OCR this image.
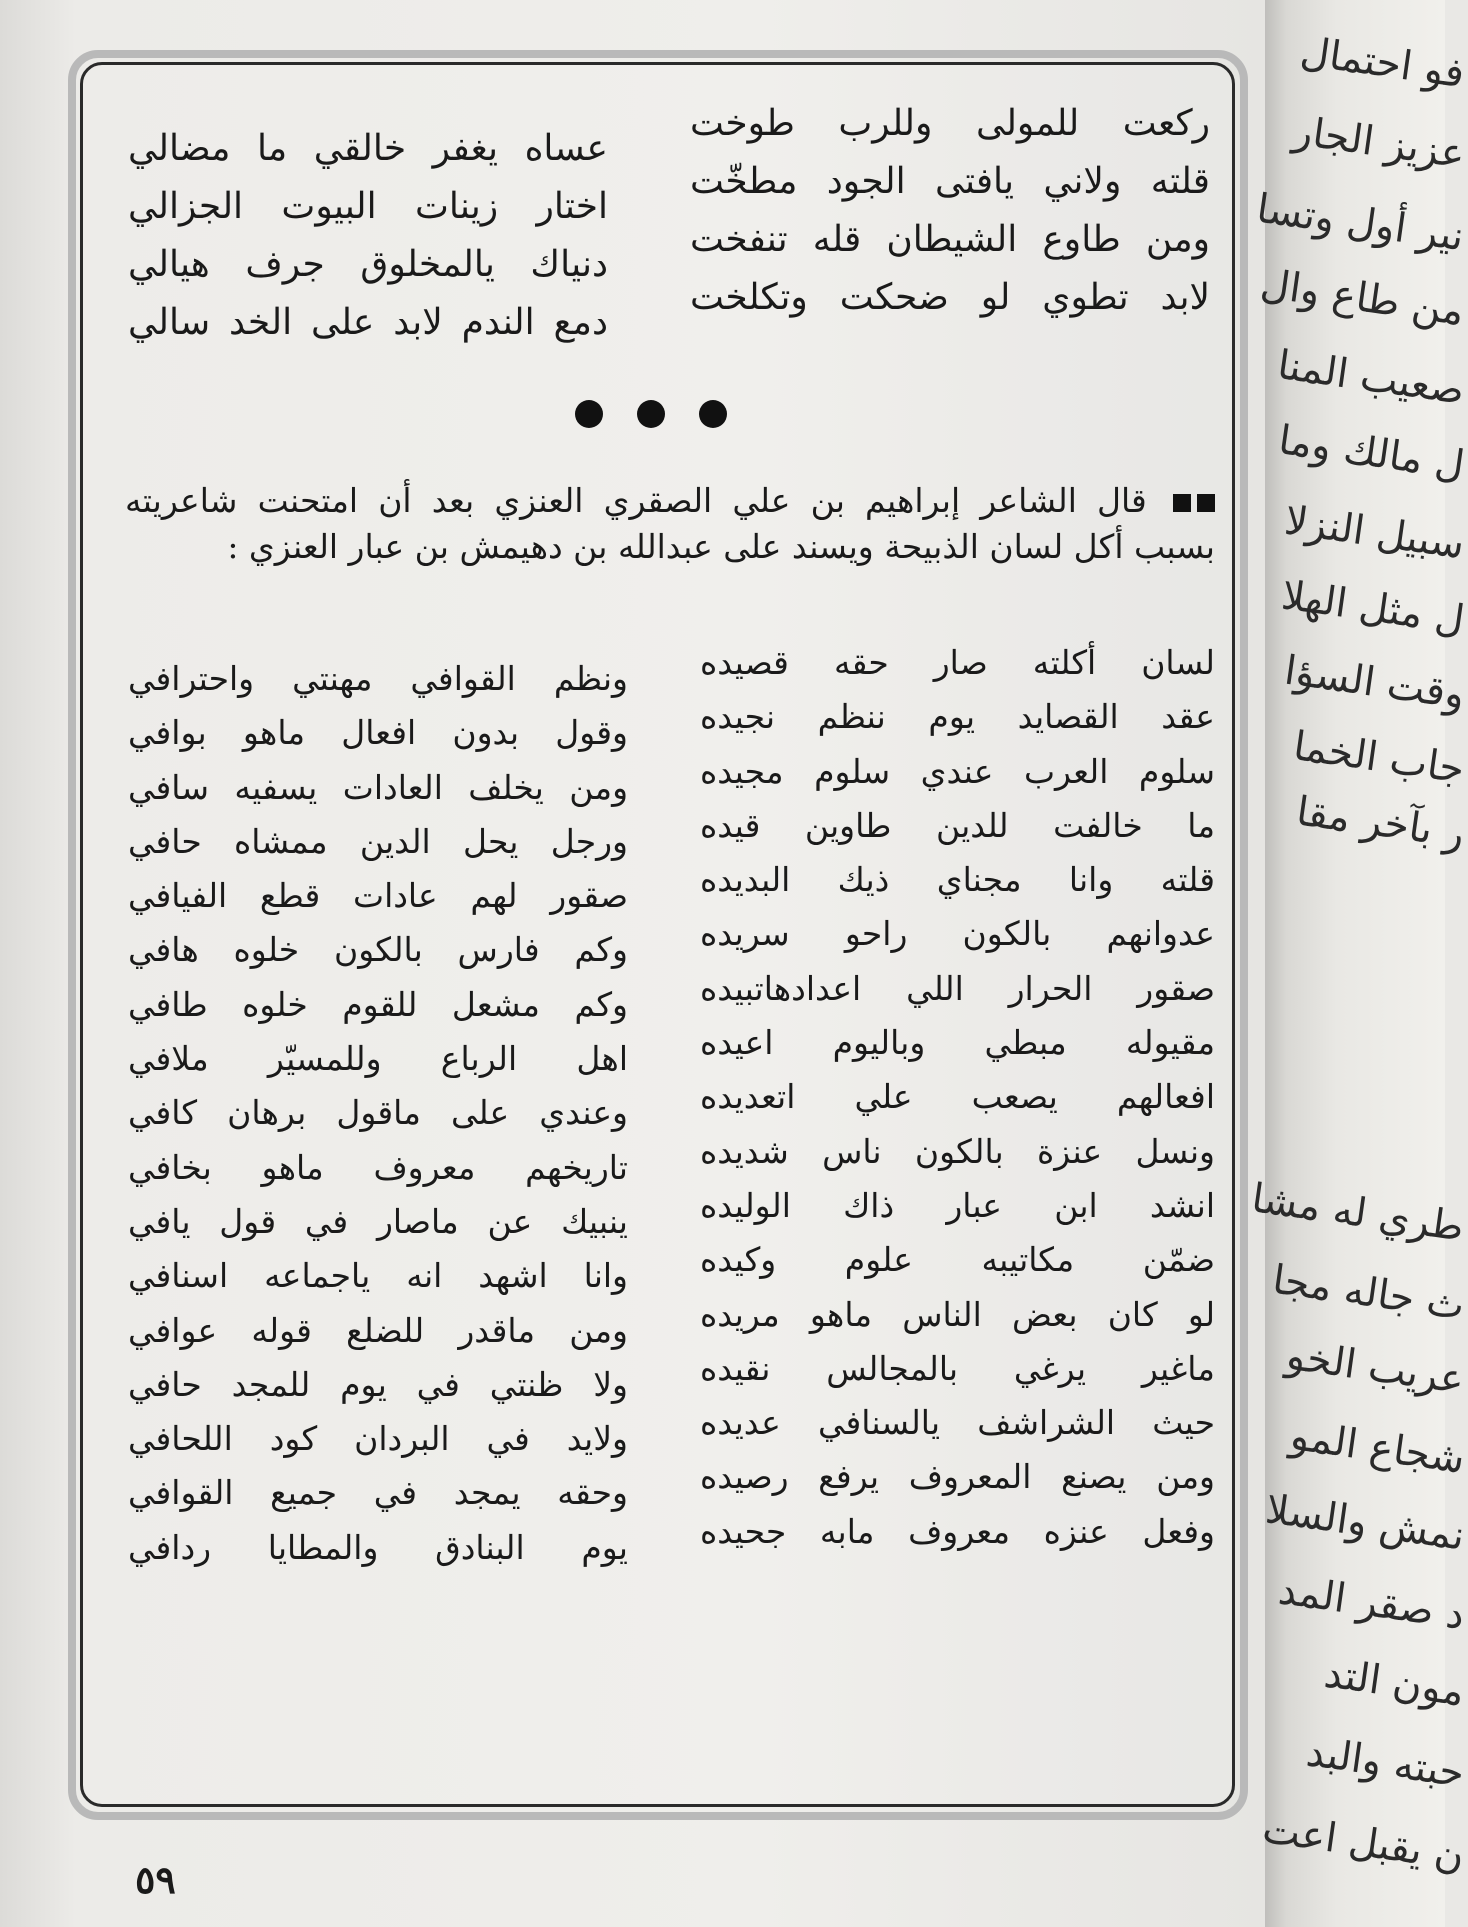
فو احتمال
عزيز الجار
نير أول وتسا
من طاع وال
صعيب المنا
ل مالك وما
سبيل النزلا
ل مثل الهلا
وقت السؤا
جاب الخما
ر بآخر مقا
طري له مشا
ث جاله مجا
عريب الخو
شجاع المو
نمش والسلا
د صقر المد
مون التد
حبته والبد
ن يقبل اعت
ركعت للمولى وللرب طوخت
قلته ولاني يافتى الجود مطخّت
ومن طاوع الشيطان قله تنفخت
لابد تطوي لو ضحكت وتكلخت
عساه يغفر خالقي ما مضالي
اختار زينات البيوت الجزالي
دنياك يالمخلوق جرف هيالي
دمع الندم لابد على الخد سالي
قال الشاعر إبراهيم بن علي الصقري العنزي بعد أن امتحنت شاعريته
بسبب أكل لسان الذبيحة ويسند على عبدالله بن دهيمش بن عبار العنزي :
لسان أكلته صار حقه قصيده
عقد القصايد يوم ننظم نجيده
سلوم العرب عندي سلوم مجيده
ما خالفت للدين طاوين قيده
قلته وانا مجناي ذيك البديده
عدوانهم بالكون راحو سريده
صقور الحرار اللي اعدادهاتبيده
مقيوله مبطي وباليوم اعيده
افعالهم يصعب علي اتعديده
ونسل عنزة بالكون ناس شديده
انشد ابن عبار ذاك الوليده
ضمّن مكاتيبه علوم وكيده
لو كان بعض الناس ماهو مريده
ماغير يرغي بالمجالس نقيده
حيث الشراشف يالسنافي عديده
ومن يصنع المعروف يرفع رصيده
وفعل عنزه معروف مابه جحيده
ونظم القوافي مهنتي واحترافي
وقول بدون افعال ماهو بوافي
ومن يخلف العادات يسفيه سافي
ورجل يحل الدين ممشاه حافي
صقور لهم عادات قطع الفيافي
وكم فارس بالكون خلوه هافي
وكم مشعل للقوم خلوه طافي
اهل الرباع وللمسيّر ملافي
وعندي على ماقول برهان كافي
تاريخهم معروف ماهو بخافي
ينبيك عن ماصار في قول يافي
وانا اشهد انه ياجماعه اسنافي
ومن ماقدر للضلع قوله عوافي
ولا ظنتي في يوم للمجد حافي
ولايد في البردان كود اللحافي
وحقه يمجد في جميع القوافي
يوم البنادق والمطايا ردافي
٥٩
